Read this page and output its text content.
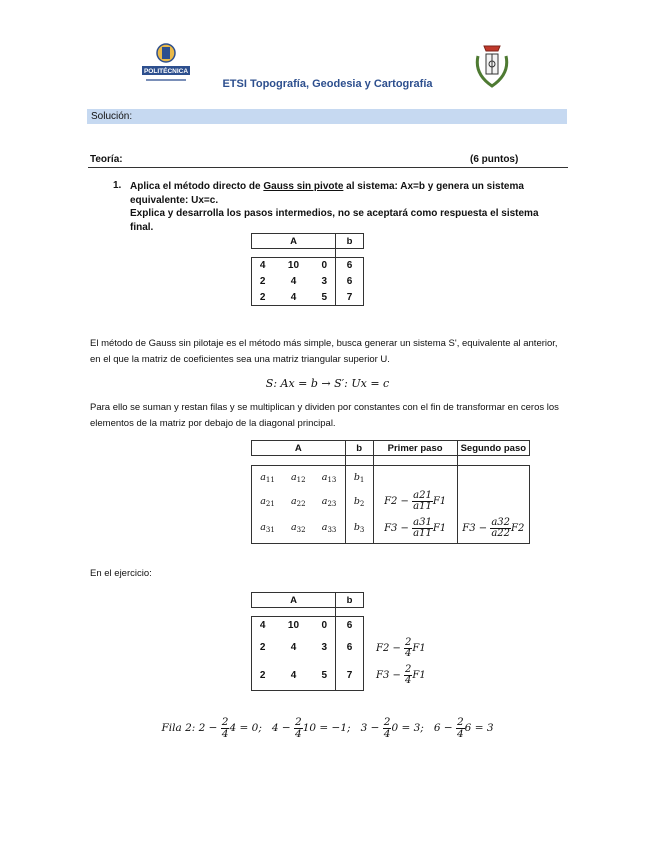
POLITÉCNICA
ETSI Topografía, Geodesia y Cartografía
Solución:
Teoría:	(6 puntos)
1. Aplica el método directo de Gauss sin pivote al sistema: Ax=b y genera un sistema equivalente: Ux=c.
Explica y desarrolla los pasos intermedios, no se aceptará como respuesta el sistema final.
A			b

4	10	0	6
2	4	3	6
2	4	5	7
El método de Gauss sin pilotaje es el método más simple, busca generar un sistema S', equivalente al anterior, en el que la matriz de coeficientes sea una matriz triangular superior U.
S: Ax = b → S′: Ux = c
Para ello se suman y restan filas y se multiplican y dividen por constantes con el fin de transformar en ceros los elementos de la matriz por debajo de la diagonal principal.
A			b	Primer paso	Segundo paso

$a_{11}$	$a_{12}$	$a_{13}$	$b_1$		
$a_{21}$	$a_{22}$	$a_{23}$	$b_2$	$F2 - \frac{a21}{a11} F1$	
$a_{31}$	$a_{32}$	$a_{33}$	$b_3$	$F3 - \frac{a31}{a11} F1$	$F3 - \frac{a32}{a22} F2$
En el ejercicio:
A			b

4	10	0	6
2	4	3	6
2	4	5	7
$F2 - \frac{2}{4} F1$
$F3 - \frac{2}{4} F1$
Fila 2: $2 - \frac{2}{4} 4 = 0$; $4 - \frac{2}{4} 10 = -1$; $3 - \frac{2}{4} 0 = 3$; $6 - \frac{2}{4} 6 = 3$
